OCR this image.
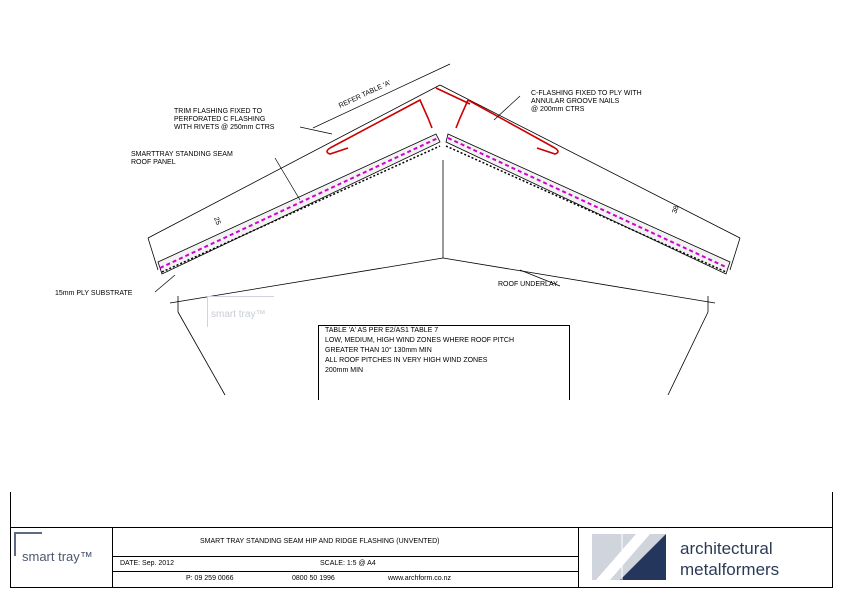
REFER TABLE 'A'
TRIM FLASHING FIXED TO
PERFORATED C FLASHING
WITH RIVETS @ 250mm CTRS
C-FLASHING FIXED TO PLY WITH
ANNULAR GROOVE NAILS
@ 200mm CTRS
SMARTTRAY STANDING SEAM
ROOF PANEL
15mm PLY SUBSTRATE
ROOF UNDERLAY
25
38
smart tray™
TABLE 'A' AS PER E2/AS1 TABLE 7
LOW, MEDIUM, HIGH WIND ZONES WHERE ROOF PITCH
GREATER THAN 10° 130mm MIN
ALL ROOF PITCHES IN VERY HIGH WIND ZONES
200mm MIN
smart tray™
SMART TRAY STANDING SEAM HIP AND RIDGE FLASHING (UNVENTED)
DATE: Sep. 2012	SCALE: 1:5 @ A4
P: 09 259 0066	0800 50 1996	www.archform.co.nz
architectural
metalformers
